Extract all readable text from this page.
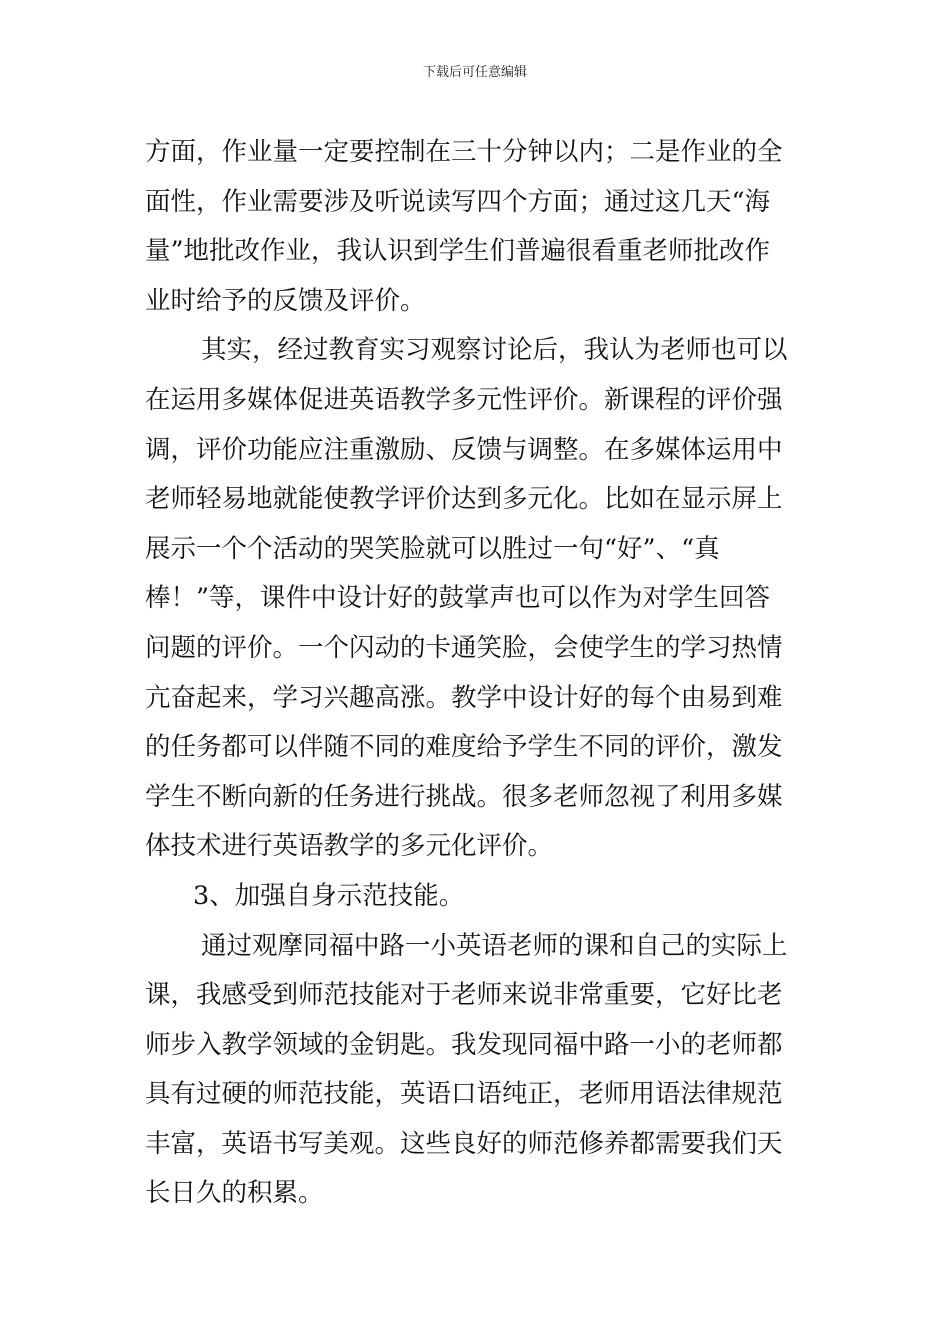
下载后可任意编辑
方面，作业量一定要控制在三十分钟以内；二是作业的全
面性，作业需要涉及听说读写四个方面；通过这几天“海
量”地批改作业，我认识到学生们普遍很看重老师批改作
业时给予的反馈及评价。
其实，经过教育实习观察讨论后，我认为老师也可以
在运用多媒体促进英语教学多元性评价。新课程的评价强
调，评价功能应注重激励、反馈与调整。在多媒体运用中
老师轻易地就能使教学评价达到多元化。比如在显示屏上
展示一个个活动的哭笑脸就可以胜过一句“好”、“真
棒！”等，课件中设计好的鼓掌声也可以作为对学生回答
问题的评价。一个闪动的卡通笑脸，会使学生的学习热情
亢奋起来，学习兴趣高涨。教学中设计好的每个由易到难
的任务都可以伴随不同的难度给予学生不同的评价，激发
学生不断向新的任务进行挑战。很多老师忽视了利用多媒
体技术进行英语教学的多元化评价。
3、加强自身示范技能。
通过观摩同福中路一小英语老师的课和自己的实际上
课，我感受到师范技能对于老师来说非常重要，它好比老
师步入教学领域的金钥匙。我发现同福中路一小的老师都
具有过硬的师范技能，英语口语纯正，老师用语法律规范
丰富，英语书写美观。这些良好的师范修养都需要我们天
长日久的积累。
